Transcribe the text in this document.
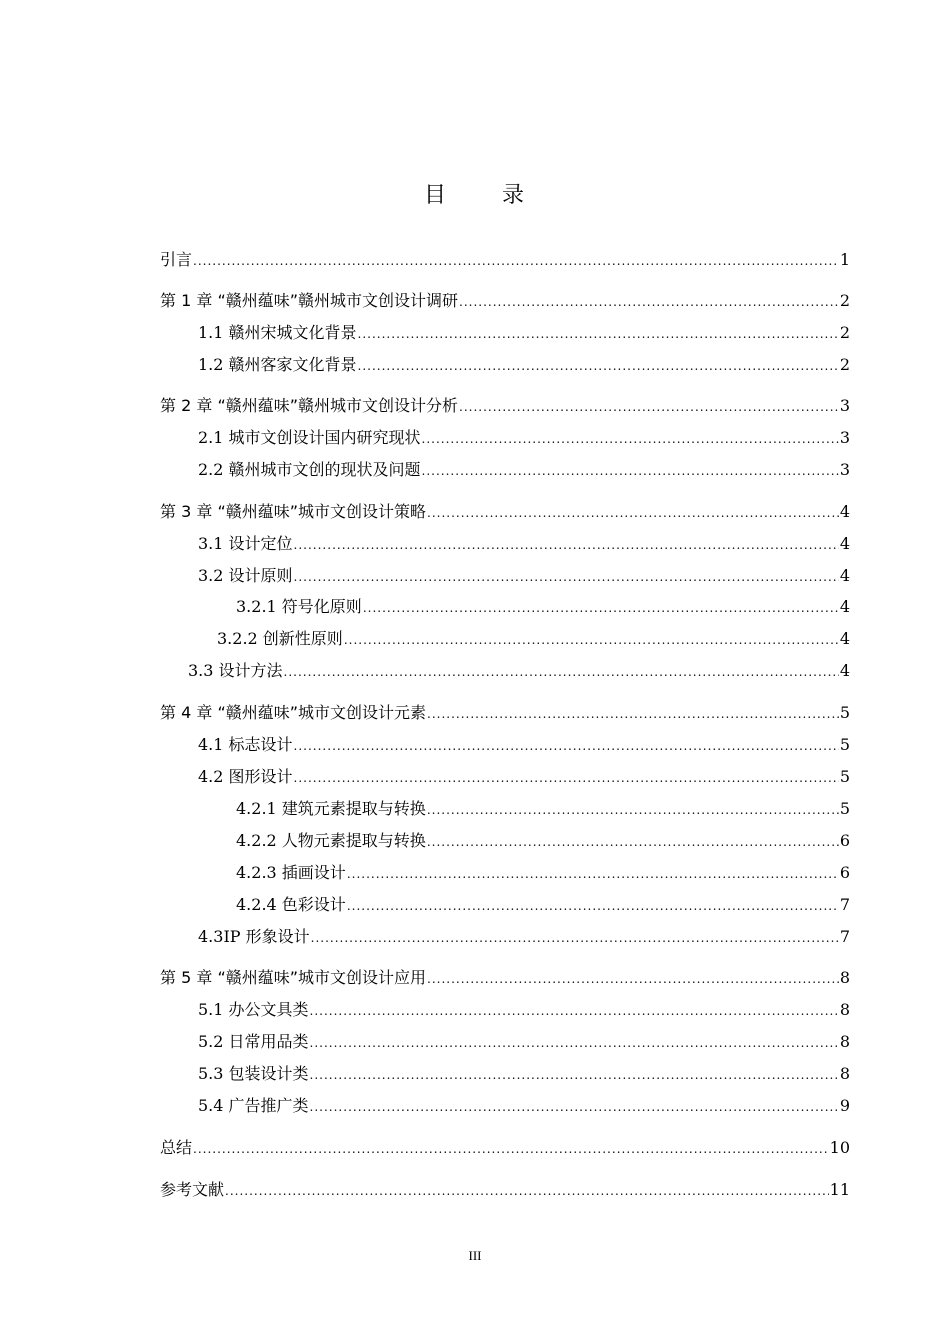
目 录
引言 .....	1
第 1 章 “赣州蕴味”赣州城市文创设计调研 .....	2
1.1 赣州宋城文化背景 .....	2
1.2 赣州客家文化背景 .....	2
第 2 章 “赣州蕴味”赣州城市文创设计分析 .....	3
2.1 城市文创设计国内研究现状 .....	3
2.2 赣州城市文创的现状及问题 .....	3
第 3 章 “赣州蕴味”城市文创设计策略 .....	4
3.1 设计定位 .....	4
3.2 设计原则 .....	4
3.2.1 符号化原则 .....	4
3.2.2 创新性原则 .....	4
3.3 设计方法 .....	4
第 4 章 “赣州蕴味”城市文创设计元素 .....	5
4.1 标志设计 .....	5
4.2 图形设计 .....	5
4.2.1 建筑元素提取与转换 .....	5
4.2.2 人物元素提取与转换 .....	6
4.2.3 插画设计 .....	6
4.2.4 色彩设计 .....	7
4.3IP 形象设计 .....	7
第 5 章 “赣州蕴味”城市文创设计应用 .....	8
5.1 办公文具类 .....	8
5.2 日常用品类 .....	8
5.3 包装设计类 .....	8
5.4 广告推广类 .....	9
总结 .....	10
参考文献 .....	11
III
